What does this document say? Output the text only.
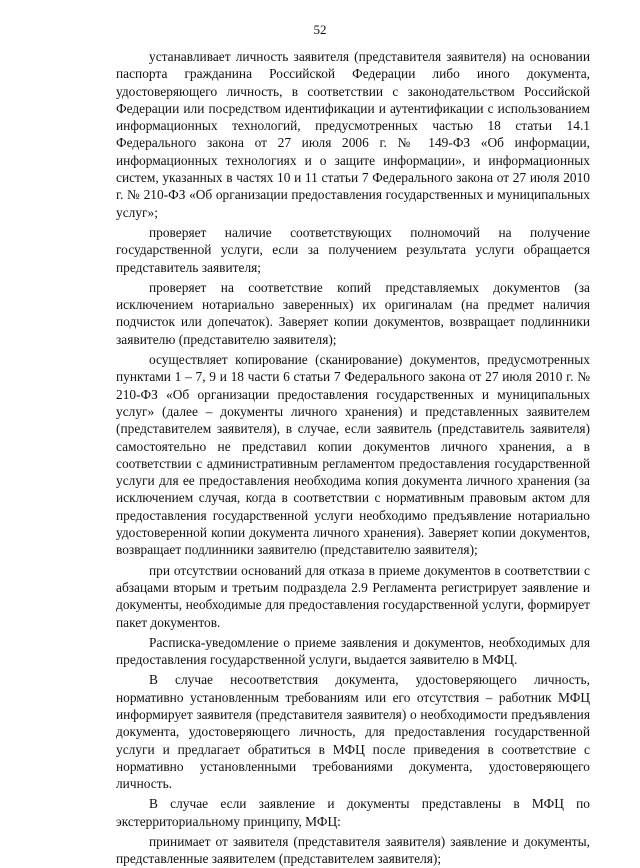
52

устанавливает личность заявителя (представителя заявителя) на основании паспорта гражданина Российской Федерации либо иного документа, удостоверяющего личность, в соответствии с законодательством Российской Федерации или посредством идентификации и аутентификации с использованием информационных технологий, предусмотренных частью 18 статьи 14.1 Федерального закона от 27 июля 2006 г. № 149-ФЗ «Об информации, информационных технологиях и о защите информации», и информационных систем, указанных в частях 10 и 11 статьи 7 Федерального закона от 27 июля 2010 г. № 210-ФЗ «Об организации предоставления государственных и муниципальных услуг»;

проверяет наличие соответствующих полномочий на получение государственной услуги, если за получением результата услуги обращается представитель заявителя;

проверяет на соответствие копий представляемых документов (за исключением нотариально заверенных) их оригиналам (на предмет наличия подчисток или допечаток). Заверяет копии документов, возвращает подлинники заявителю (представителю заявителя);

осуществляет копирование (сканирование) документов, предусмотренных пунктами 1 – 7, 9 и 18 части 6 статьи 7 Федерального закона от 27 июля 2010 г. № 210-ФЗ «Об организации предоставления государственных и муниципальных услуг» (далее – документы личного хранения) и представленных заявителем (представителем заявителя), в случае, если заявитель (представитель заявителя) самостоятельно не представил копии документов личного хранения, а в соответствии с административным регламентом предоставления государственной услуги для ее предоставления необходима копия документа личного хранения (за исключением случая, когда в соответствии с нормативным правовым актом для предоставления государственной услуги необходимо предъявление нотариально удостоверенной копии документа личного хранения). Заверяет копии документов, возвращает подлинники заявителю (представителю заявителя);

при отсутствии оснований для отказа в приеме документов в соответствии с абзацами вторым и третьим подраздела 2.9 Регламента регистрирует заявление и документы, необходимые для предоставления государственной услуги, формирует пакет документов.

Расписка-уведомление о приеме заявления и документов, необходимых для предоставления государственной услуги, выдается заявителю в МФЦ.

В случае несоответствия документа, удостоверяющего личность, нормативно установленным требованиям или его отсутствия – работник МФЦ информирует заявителя (представителя заявителя) о необходимости предъявления документа, удостоверяющего личность, для предоставления государственной услуги и предлагает обратиться в МФЦ после приведения в соответствие с нормативно установленными требованиями документа, удостоверяющего личность.

В случае если заявление и документы представлены в МФЦ по экстерриториальному принципу, МФЦ:

принимает от заявителя (представителя заявителя) заявление и документы, представленные заявителем (представителем заявителя);
